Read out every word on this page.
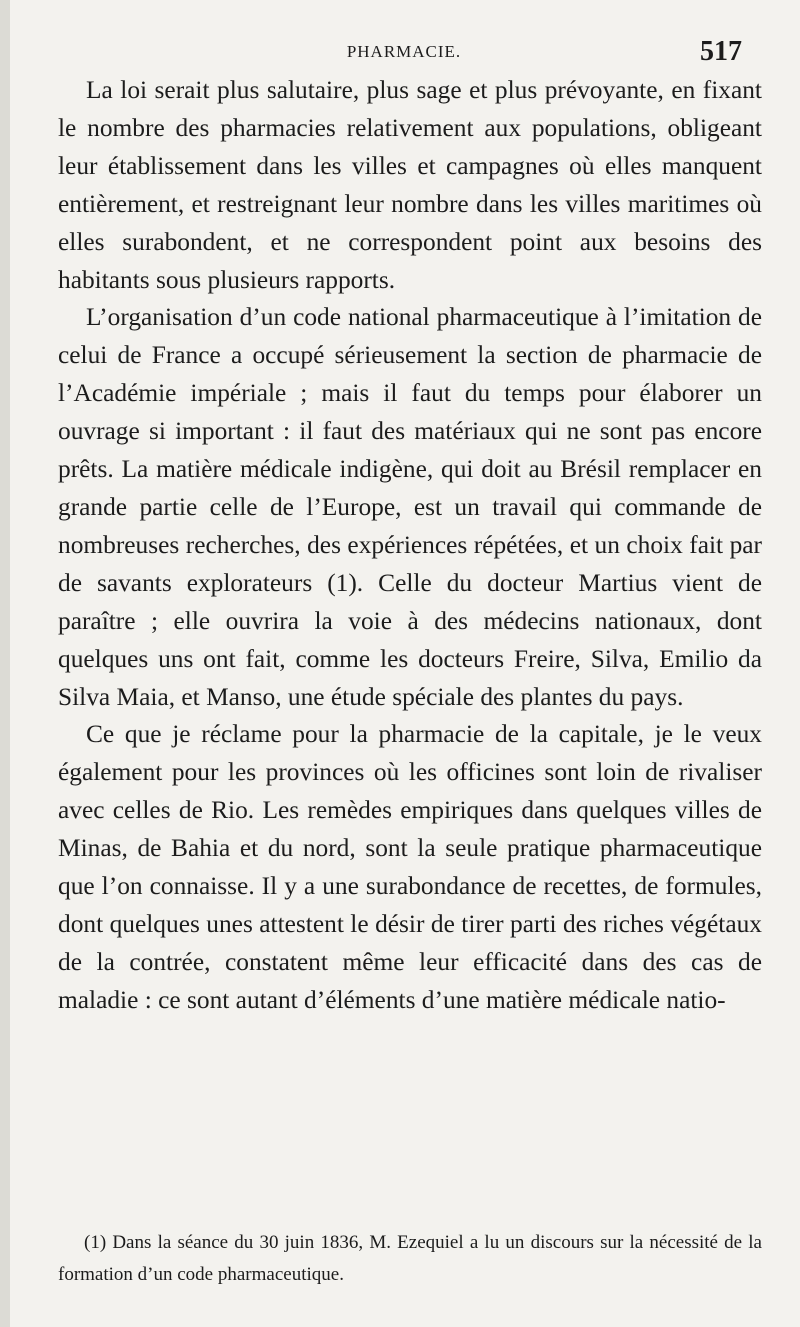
PHARMACIE.	517

La loi serait plus salutaire, plus sage et plus prévoyante, en fixant le nombre des pharmacies relativement aux populations, obligeant leur établissement dans les villes et campagnes où elles manquent entièrement, et restreignant leur nombre dans les villes maritimes où elles surabondent, et ne correspondent point aux besoins des habitants sous plusieurs rapports.

L’organisation d’un code national pharmaceutique à l’imitation de celui de France a occupé sérieusement la section de pharmacie de l’Académie impériale ; mais il faut du temps pour élaborer un ouvrage si important : il faut des matériaux qui ne sont pas encore prêts. La matière médicale indigène, qui doit au Brésil remplacer en grande partie celle de l’Europe, est un travail qui commande de nombreuses recherches, des expériences répétées, et un choix fait par de savants explorateurs (1). Celle du docteur Martius vient de paraître ; elle ouvrira la voie à des médecins nationaux, dont quelques uns ont fait, comme les docteurs Freire, Silva, Emilio da Silva Maia, et Manso, une étude spéciale des plantes du pays.

Ce que je réclame pour la pharmacie de la capitale, je le veux également pour les provinces où les officines sont loin de rivaliser avec celles de Rio. Les remèdes empiriques dans quelques villes de Minas, de Bahia et du nord, sont la seule pratique pharmaceutique que l’on connaisse. Il y a une surabondance de recettes, de formules, dont quelques unes attestent le désir de tirer parti des riches végétaux de la contrée, constatent même leur efficacité dans des cas de maladie : ce sont autant d’éléments d’une matière médicale natio-

(1) Dans la séance du 30 juin 1836, M. Ezequiel a lu un discours sur la nécessité de la formation d’un code pharmaceutique.
